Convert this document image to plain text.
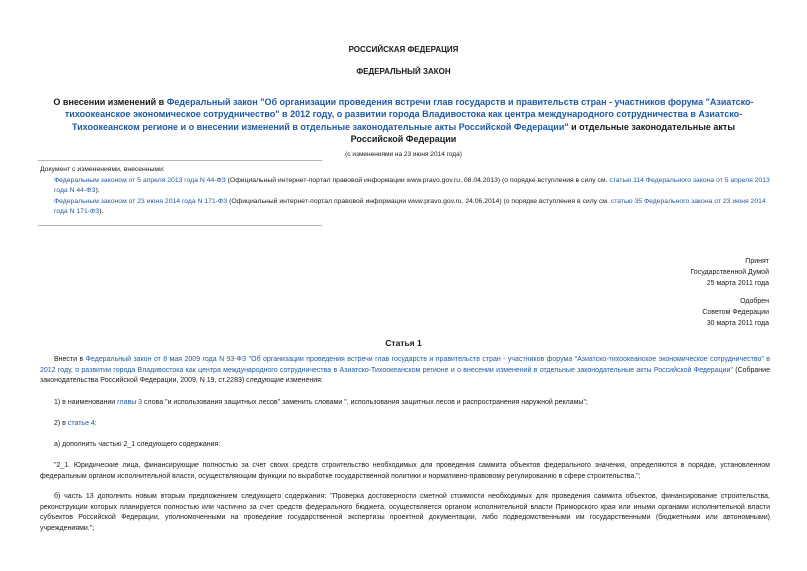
РОССИЙСКАЯ ФЕДЕРАЦИЯ
ФЕДЕРАЛЬНЫЙ ЗАКОН
О внесении изменений в Федеральный закон "Об организации проведения встречи глав государств и правительств стран - участников форума "Азиатско-тихоокеанское экономическое сотрудничество" в 2012 году, о развитии города Владивостока как центра международного сотрудничества в Азиатско-Тихоокеанском регионе и о внесении изменений в отдельные законодательные акты Российской Федерации" и отдельные законодательные акты Российской Федерации
(с изменениями на 23 июня 2014 года)

Документ с изменениями, внесенными:

Федеральным законом от 5 апреля 2013 года N 44-ФЗ (Официальный интернет-портал правовой информации www.pravo.gov.ru, 08.04.2013) (о порядке вступления в силу см. статью 114 Федерального закона от 5 апреля 2013 года N 44-ФЗ);

Федеральным законом от 23 июня 2014 года N 171-ФЗ (Официальный интернет-портал правовой информации www.pravo.gov.ru, 24.06.2014) (о порядке вступления в силу см. статью 35 Федерального закона от 23 июня 2014 года N 171-ФЗ).

Принят
Государственной Думой
25 марта 2011 года
Одобрен
Советом Федерации
30 марта 2011 года
Статья 1

Внести в Федеральный закон от 8 мая 2009 года N 93-ФЗ "Об организации проведения встречи глав государств и правительств стран - участников форума "Азиатско-тихоокеанское экономическое сотрудничество" в 2012 году, о развитии города Владивостока как центра международного сотрудничества в Азиатско-Тихоокеанском регионе и о внесении изменений в отдельные законодательные акты Российской Федерации" (Собрание законодательства Российской Федерации, 2009, N 19, ст.2283) следующие изменения:

1) в наименовании главы 3 слова "и использования защитных лесов" заменить словами ", использования защитных лесов и распространения наружной рекламы";

2) в статье 4:

а) дополнить частью 2_1 следующего содержания:

"2_1. Юридические лица, финансирующие полностью за счет своих средств строительство необходимых для проведения саммита объектов федерального значения, определяются в порядке, установленном федеральным органом исполнительной власти, осуществляющим функции по выработке государственной политики и нормативно-правовому регулированию в сфере строительства.";

б) часть 13 дополнить новым вторым предложением следующего содержания: "Проверка достоверности сметной стоимости необходимых для проведения саммита объектов, финансирование строительства, реконструкции которых планируется полностью или частично за счет средств федерального бюджета, осуществляется органом исполнительной власти Приморского края или иными органами исполнительной власти субъектов Российской Федерации, уполномоченными на проведение государственной экспертизы проектной документации, либо подведомственными им государственными (бюджетными или автономными) учреждениями.";
